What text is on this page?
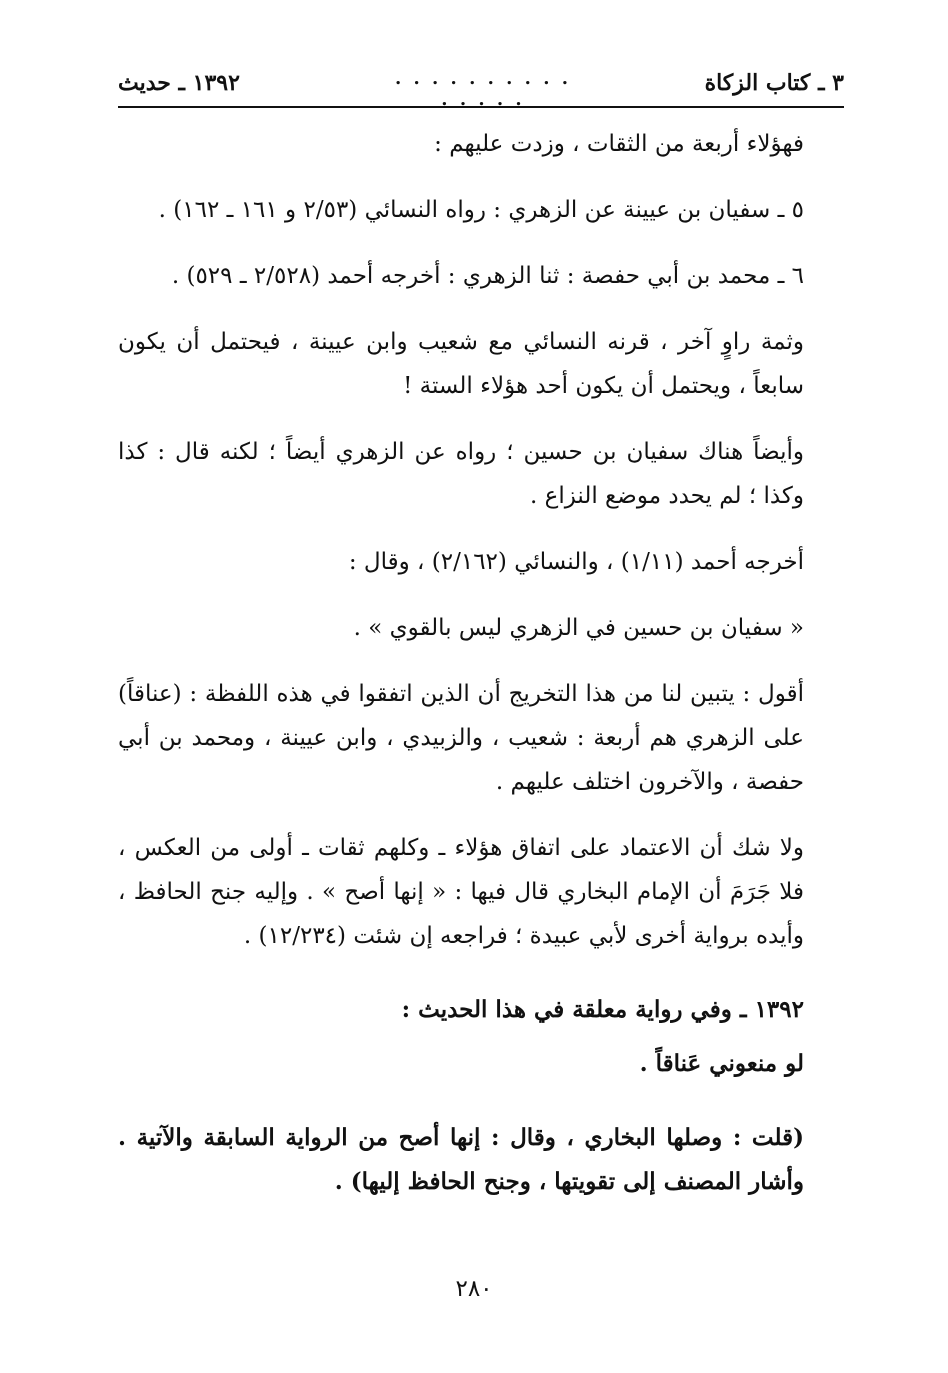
٣ ـ كتاب الزكاة
. . . . . . . . . . . . . . .
١٣٩٢ ـ حديث

فهؤلاء أربعة من الثقات ، وزدت عليهم :

٥ ـ سفيان بن عيينة عن الزهري : رواه النسائي (٢/٥٣ و ١٦١ ـ ١٦٢) .

٦ ـ محمد بن أبي حفصة : ثنا الزهري : أخرجه أحمد (٢/٥٢٨ ـ ٥٢٩) .

وثمة راوٍ آخر ، قرنه النسائي مع شعيب وابن عيينة ، فيحتمل أن يكون سابعاً ، ويحتمل أن يكون أحد هؤلاء الستة !

وأيضاً هناك سفيان بن حسين ؛ رواه عن الزهري أيضاً ؛ لكنه قال : كذا وكذا ؛ لم يحدد موضع النزاع .

أخرجه أحمد (١/١١) ، والنسائي (٢/١٦٢) ، وقال :

« سفيان بن حسين في الزهري ليس بالقوي » .

أقول : يتبين لنا من هذا التخريج أن الذين اتفقوا في هذه اللفظة : (عناقاً) على الزهري هم أربعة : شعيب ، والزبيدي ، وابن عيينة ، ومحمد بن أبي حفصة ، والآخرون اختلف عليهم .

ولا شك أن الاعتماد على اتفاق هؤلاء ـ وكلهم ثقات ـ أولى من العكس ، فلا جَرَمَ أن الإمام البخاري قال فيها : « إنها أصح » . وإليه جنح الحافظ ، وأيده برواية أخرى لأبي عبيدة ؛ فراجعه إن شئت (١٢/٢٣٤) .

١٣٩٢ ـ وفي رواية معلقة في هذا الحديث :

لو منعوني عَناقاً .

(قلت : وصلها البخاري ، وقال : إنها أصح من الرواية السابقة والآتية . وأشار المصنف إلى تقويتها ، وجنح الحافظ إليها) .

٢٨٠
